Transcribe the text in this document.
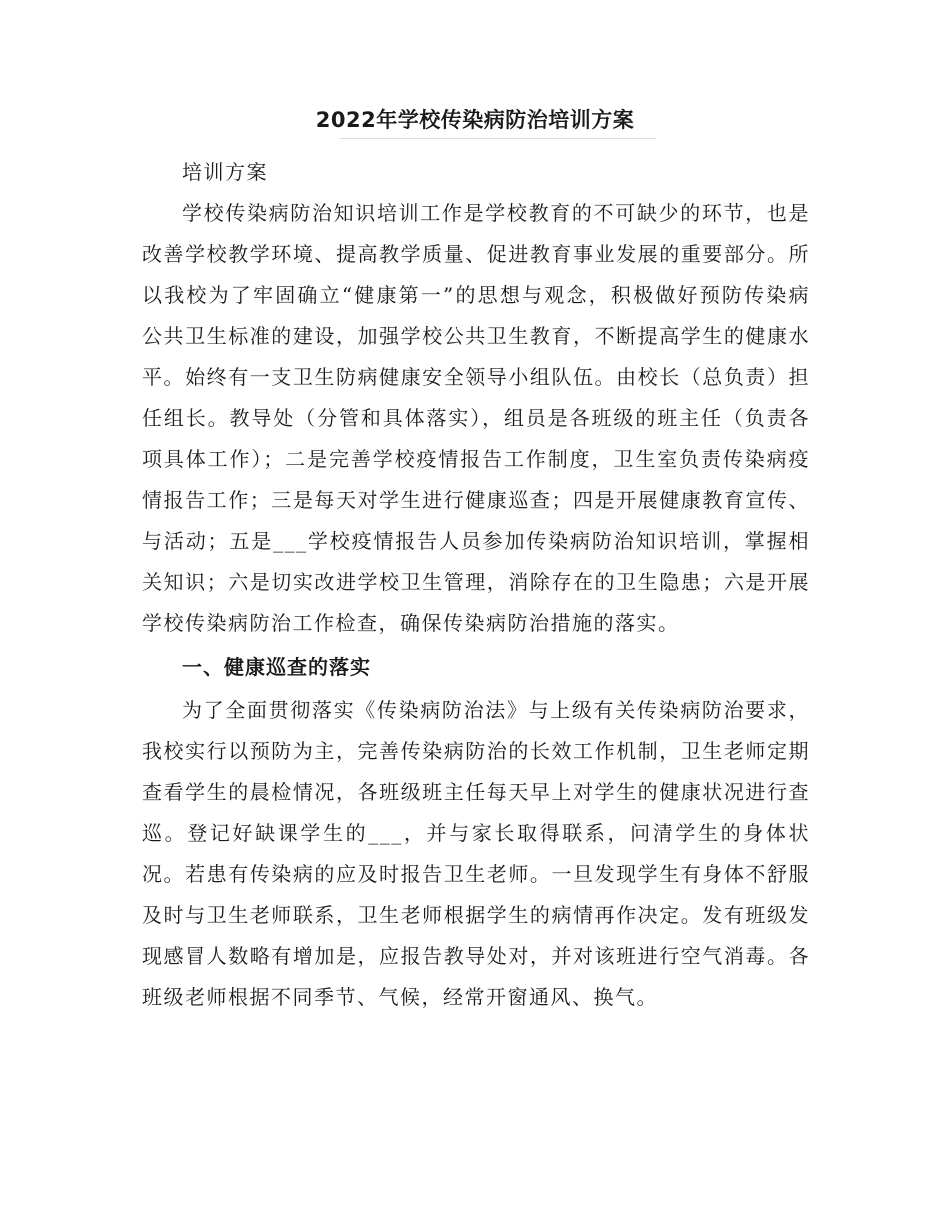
2022年学校传染病防治培训方案

培训方案

学校传染病防治知识培训工作是学校教育的不可缺少的环节，也是改善学校教学环境、提高教学质量、促进教育事业发展的重要部分。所以我校为了牢固确立“健康第一”的思想与观念，积极做好预防传染病公共卫生标准的建设，加强学校公共卫生教育，不断提高学生的健康水平。始终有一支卫生防病健康安全领导小组队伍。由校长（总负责）担任组长。教导处（分管和具体落实），组员是各班级的班主任（负责各项具体工作）；二是完善学校疫情报告工作制度，卫生室负责传染病疫情报告工作；三是每天对学生进行健康巡查；四是开展健康教育宣传、与活动；五是___学校疫情报告人员参加传染病防治知识培训，掌握相关知识；六是切实改进学校卫生管理，消除存在的卫生隐患；六是开展学校传染病防治工作检查，确保传染病防治措施的落实。

一、健康巡查的落实

为了全面贯彻落实《传染病防治法》与上级有关传染病防治要求，我校实行以预防为主，完善传染病防治的长效工作机制，卫生老师定期查看学生的晨检情况，各班级班主任每天早上对学生的健康状况进行查巡。登记好缺课学生的___，并与家长取得联系，问清学生的身体状况。若患有传染病的应及时报告卫生老师。一旦发现学生有身体不舒服及时与卫生老师联系，卫生老师根据学生的病情再作决定。发有班级发现感冒人数略有增加是，应报告教导处对，并对该班进行空气消毒。各班级老师根据不同季节、气候，经常开窗通风、换气。
